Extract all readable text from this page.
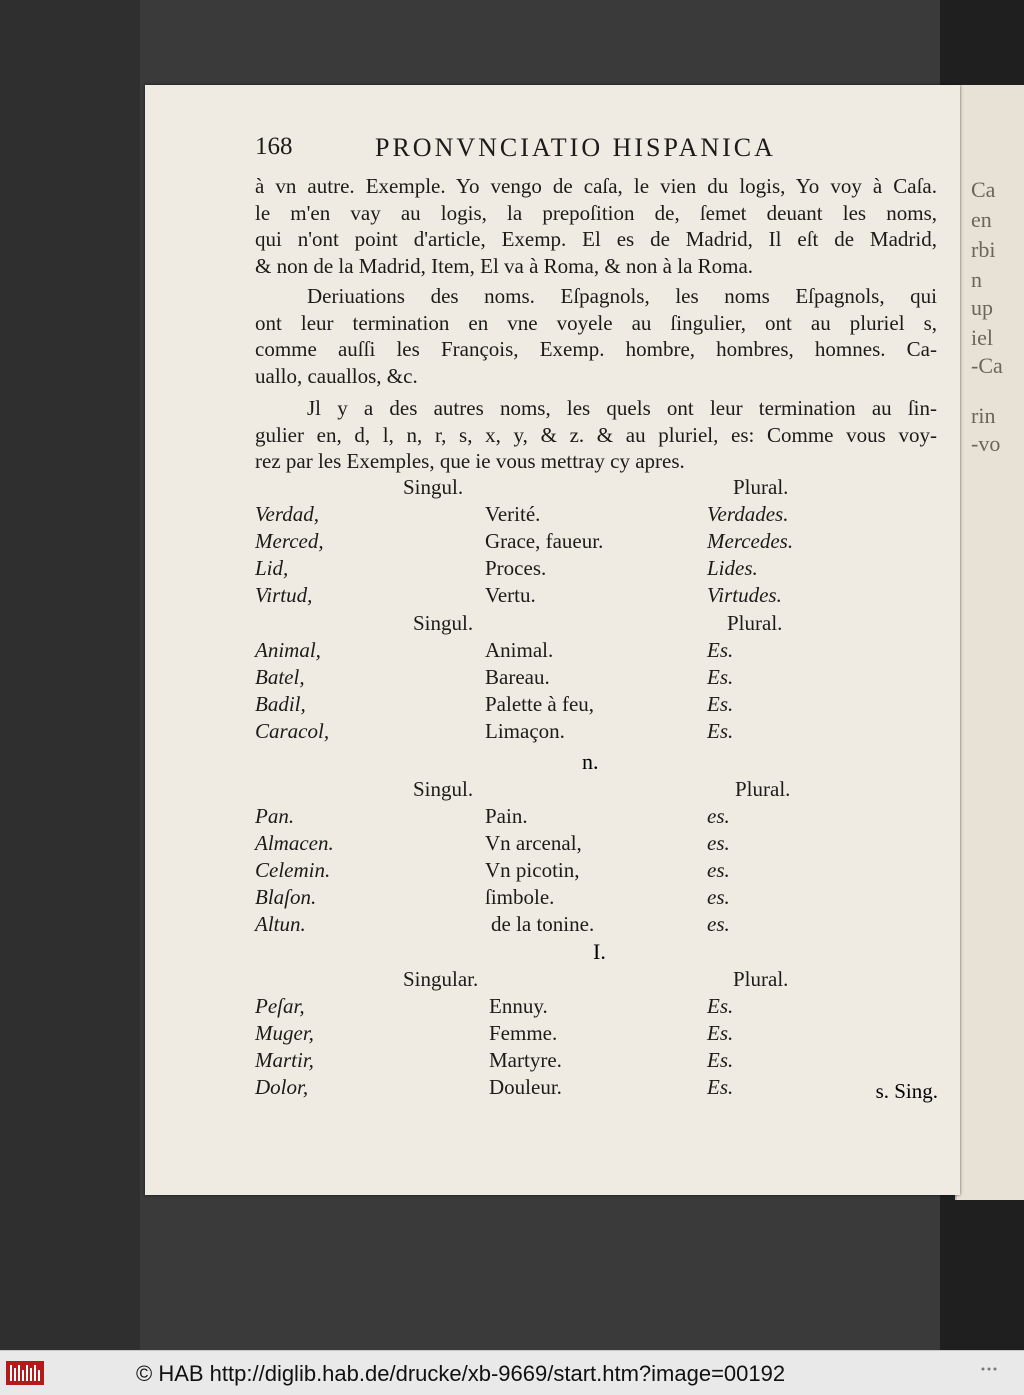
Ca
en
rbi
n
up
iel
-Ca
rin
-vo
168	PRONVNCIATIO HISPANICA
à vn autre. Exemple. Yo vengo de caſa, le vien du logis, Yo voy à Caſa.
le m'en vay au logis, la prepoſition de, ſemet deuant les noms,
qui n'ont point d'article, Exemp. El es de Madrid, Il eſt de Madrid,
& non de la Madrid, Item, El va à Roma, & non à la Roma.
Deriuations des noms. Eſpagnols, les noms Eſpagnols, qui
ont leur termination en vne voyele au ſingulier, ont au pluriel s,
comme auſſi les François, Exemp. hombre, hombres, homnes. Ca-
uallo, cauallos, &c.
Jl y a des autres noms, les quels ont leur termination au ſin-
gulier en, d, l, n, r, s, x, y, & z. & au pluriel, es: Comme vous voy-
rez par les Exemples, que ie vous mettray cy apres.
Singul.	Plural.
Verdad,	Verité.	Verdades.
Merced,	Grace, faueur.	Mercedes.
Lid,	Proces.	Lides.
Virtud,	Vertu.	Virtudes.
Singul.	Plural.
Animal,	Animal.	Es.
Batel,	Bareau.	Es.
Badil,	Palette à feu,	Es.
Caracol,	Limaçon.	Es.
n.
Singul.	Plural.
Pan.	Pain.	es.
Almacen.	Vn arcenal,	es.
Celemin.	Vn picotin,	es.
Blaſon.	ſimbole.	es.
Altun.	de la tonine.	es.
I.
Singular.	Plural.
Peſar,	Ennuy.	Es.
Muger,	Femme.	Es.
Martir,	Martyre.	Es.
Dolor,	Douleur.	Es.	s. Sing.
© HAB http://diglib.hab.de/drucke/xb-9669/start.htm?image=00192
